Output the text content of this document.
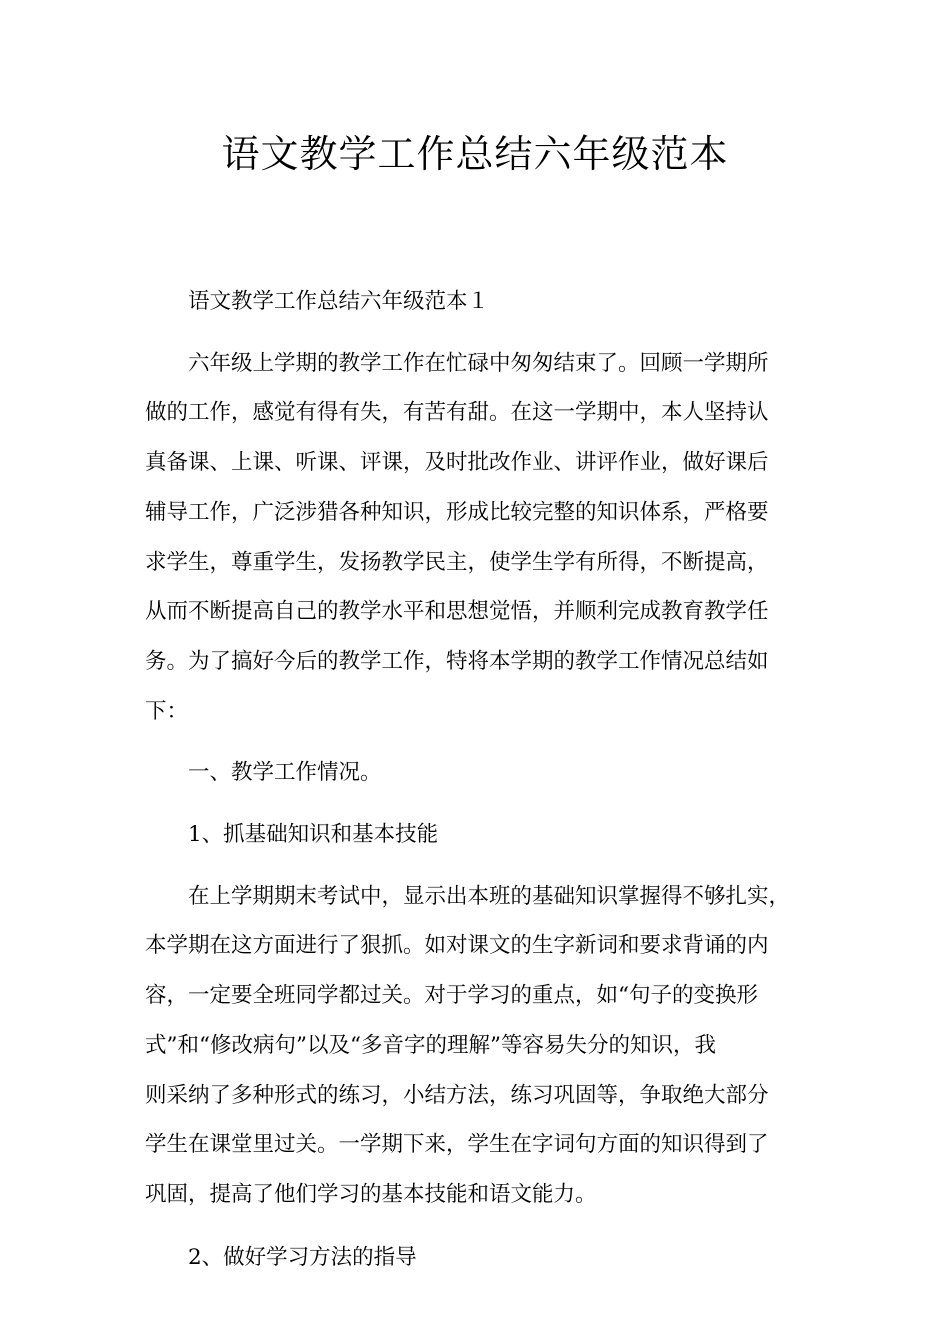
语文教学工作总结六年级范本

语文教学工作总结六年级范本１

六年级上学期的教学工作在忙碌中匆匆结束了。回顾一学期所

做的工作，感觉有得有失，有苦有甜。在这一学期中，本人坚持认

真备课、上课、听课、评课，及时批改作业、讲评作业，做好课后

辅导工作，广泛涉猎各种知识，形成比较完整的知识体系，严格要

求学生，尊重学生，发扬教学民主，使学生学有所得，不断提高，

从而不断提高自己的教学水平和思想觉悟，并顺利完成教育教学任

务。为了搞好今后的教学工作，特将本学期的教学工作情况总结如

下：

一、教学工作情况。

1、抓基础知识和基本技能

在上学期期末考试中，显示出本班的基础知识掌握得不够扎实，

本学期在这方面进行了狠抓。如对课文的生字新词和要求背诵的内

容，一定要全班同学都过关。对于学习的重点，如“句子的变换形

式”和“修改病句”以及“多音字的理解”等容易失分的知识，我

则采纳了多种形式的练习，小结方法，练习巩固等，争取绝大部分

学生在课堂里过关。一学期下来，学生在字词句方面的知识得到了

巩固，提高了他们学习的基本技能和语文能力。

2、做好学习方法的指导
